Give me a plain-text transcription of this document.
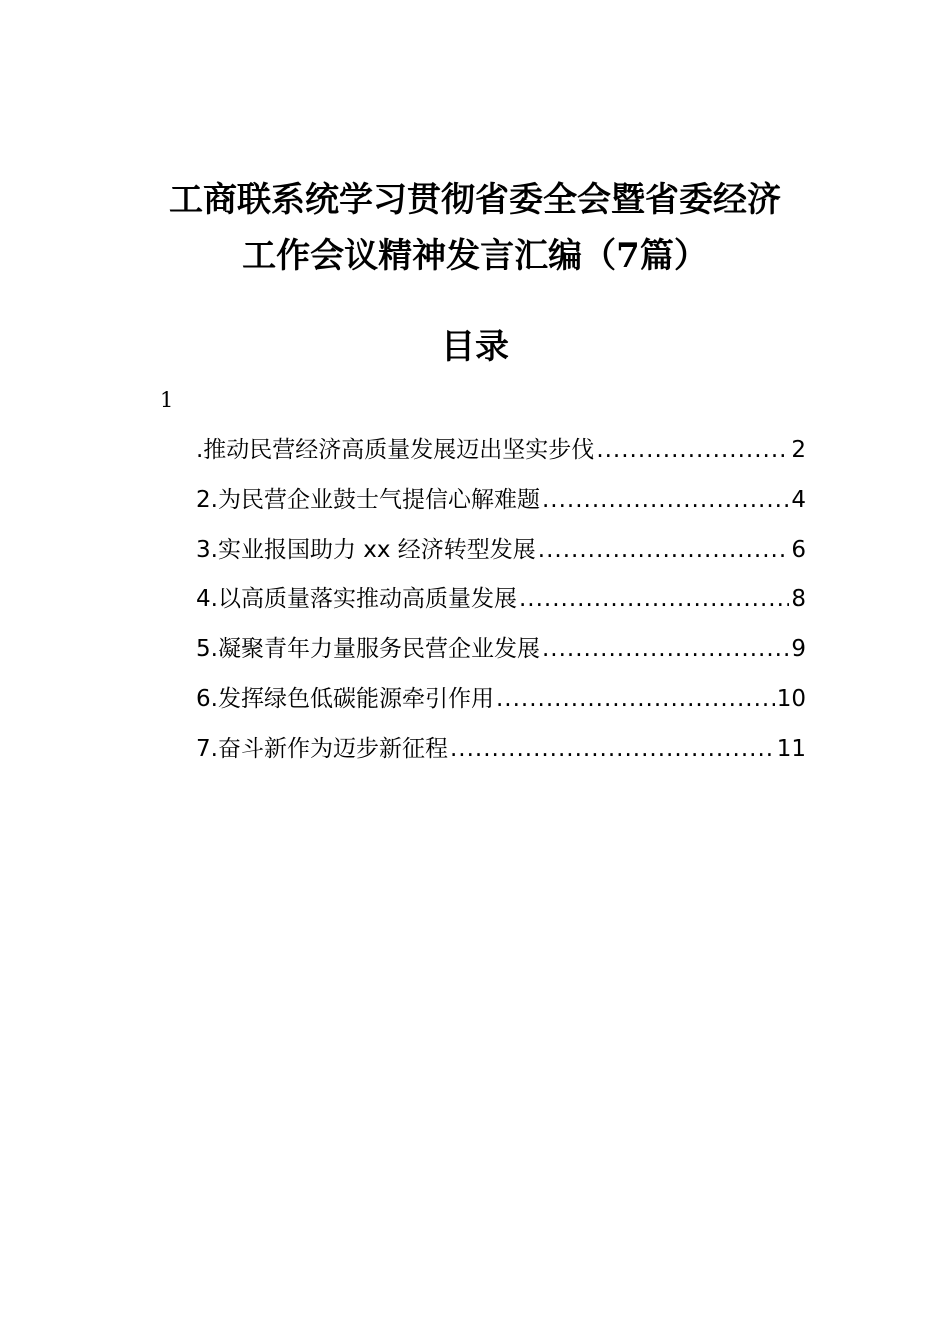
工商联系统学习贯彻省委全会暨省委经济
工作会议精神发言汇编（7篇）
目录
1
.推动民营经济高质量发展迈出坚实步伐 .....	2
2.为民营企业鼓士气提信心解难题 .....	4
3.实业报国助力 xx 经济转型发展 .....	6
4.以高质量落实推动高质量发展 .....	8
5.凝聚青年力量服务民营企业发展 .....	9
6.发挥绿色低碳能源牵引作用 .....	10
7.奋斗新作为迈步新征程 .....	11
